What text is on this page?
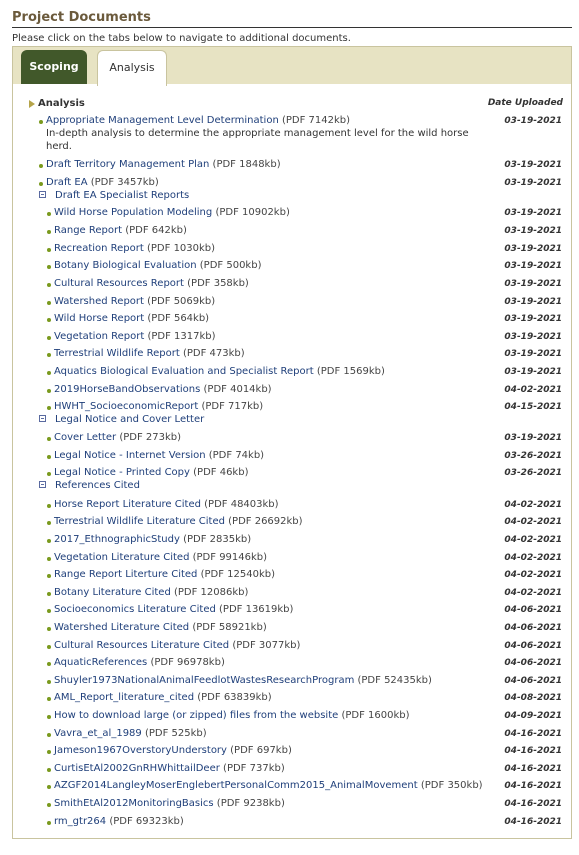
Project Documents
Please click on the tabs below to navigate to additional documents.
Scoping	Analysis
Analysis	Date Uploaded
Appropriate Management Level Determination (PDF 7142kb)	03-19-2021
In-depth analysis to determine the appropriate management level for the wild horse
herd.
Draft Territory Management Plan (PDF 1848kb)	03-19-2021
Draft EA (PDF 3457kb)	03-19-2021
Draft EA Specialist Reports
Wild Horse Population Modeling (PDF 10902kb)	03-19-2021
Range Report (PDF 642kb)	03-19-2021
Recreation Report (PDF 1030kb)	03-19-2021
Botany Biological Evaluation (PDF 500kb)	03-19-2021
Cultural Resources Report (PDF 358kb)	03-19-2021
Watershed Report (PDF 5069kb)	03-19-2021
Wild Horse Report (PDF 564kb)	03-19-2021
Vegetation Report (PDF 1317kb)	03-19-2021
Terrestrial Wildlife Report (PDF 473kb)	03-19-2021
Aquatics Biological Evaluation and Specialist Report (PDF 1569kb)	03-19-2021
2019HorseBandObservations (PDF 4014kb)	04-02-2021
HWHT_SocioeconomicReport (PDF 717kb)	04-15-2021
Legal Notice and Cover Letter
Cover Letter (PDF 273kb)	03-19-2021
Legal Notice - Internet Version (PDF 74kb)	03-26-2021
Legal Notice - Printed Copy (PDF 46kb)	03-26-2021
References Cited
Horse Report Literature Cited (PDF 48403kb)	04-02-2021
Terrestrial Wildlife Literature Cited (PDF 26692kb)	04-02-2021
2017_EthnographicStudy (PDF 2835kb)	04-02-2021
Vegetation Literature Cited (PDF 99146kb)	04-02-2021
Range Report Literture Cited (PDF 12540kb)	04-02-2021
Botany Literature Cited (PDF 12086kb)	04-02-2021
Socioeconomics Literature Cited (PDF 13619kb)	04-06-2021
Watershed Literature Cited (PDF 58921kb)	04-06-2021
Cultural Resources Literature Cited (PDF 3077kb)	04-06-2021
AquaticReferences (PDF 96978kb)	04-06-2021
Shuyler1973NationalAnimalFeedlotWastesResearchProgram (PDF 52435kb)	04-06-2021
AML_Report_literature_cited (PDF 63839kb)	04-08-2021
How to download large (or zipped) files from the website (PDF 1600kb)	04-09-2021
Vavra_et_al_1989 (PDF 525kb)	04-16-2021
Jameson1967OverstoryUnderstory (PDF 697kb)	04-16-2021
CurtisEtAl2002GnRHWhittailDeer (PDF 737kb)	04-16-2021
AZGF2014LangleyMoserEnglebertPersonalComm2015_AnimalMovement (PDF 350kb) 04-16-2021
SmithEtAl2012MonitoringBasics (PDF 9238kb)	04-16-2021
rm_gtr264 (PDF 69323kb)	04-16-2021
